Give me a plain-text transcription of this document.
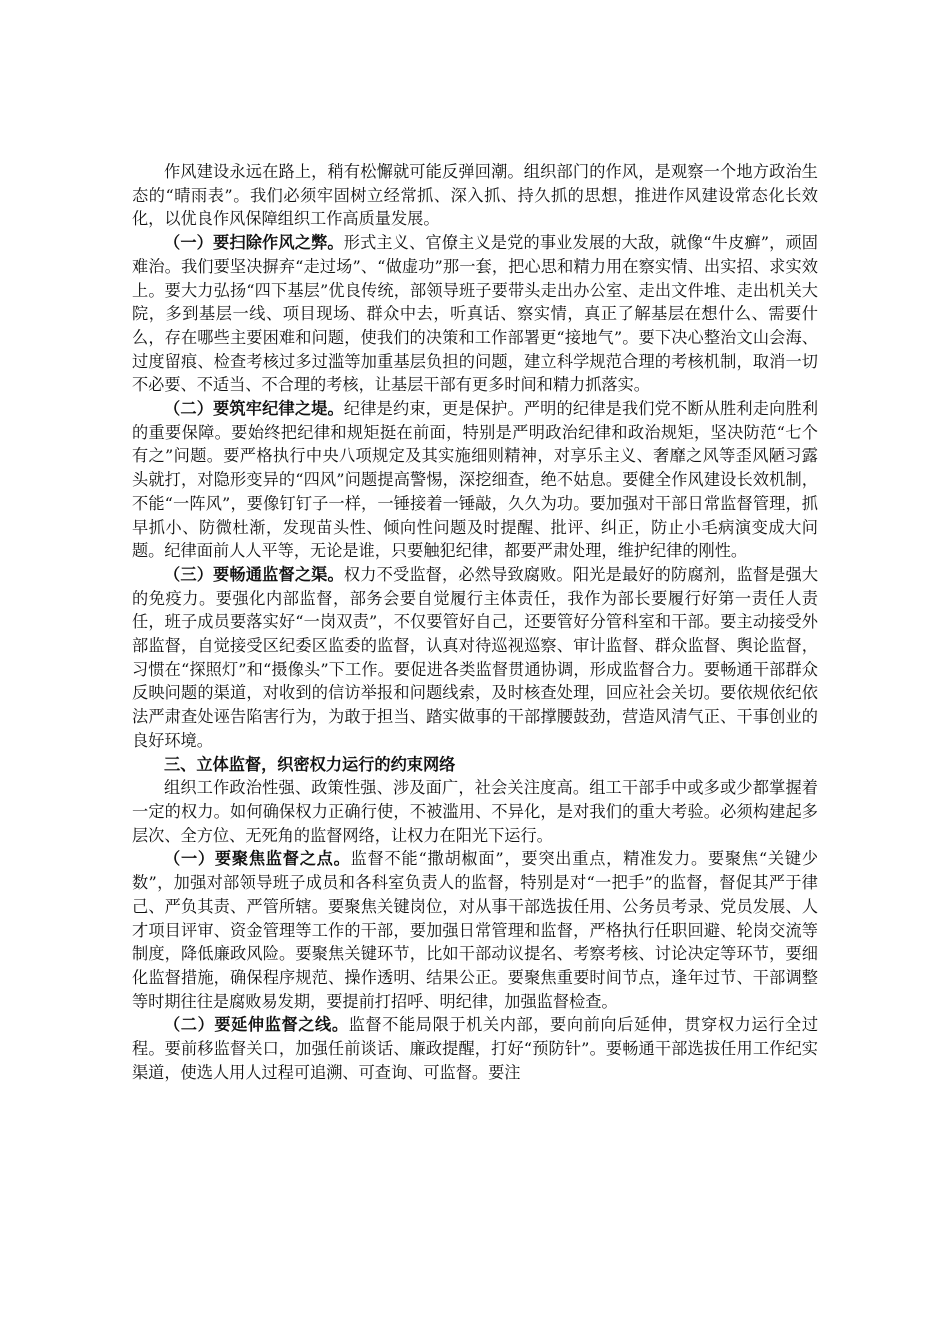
作风建设永远在路上，稍有松懈就可能反弹回潮。组织部门的作风，是观察一个地方政治生态的“晴雨表”。我们必须牢固树立经常抓、深入抓、持久抓的思想，推进作风建设常态化长效化，以优良作风保障组织工作高质量发展。

（一）要扫除作风之弊。形式主义、官僚主义是党的事业发展的大敌，就像“牛皮癣”，顽固难治。我们要坚决摒弃“走过场”、“做虚功”那一套，把心思和精力用在察实情、出实招、求实效上。要大力弘扬“四下基层”优良传统，部领导班子要带头走出办公室、走出文件堆、走出机关大院，多到基层一线、项目现场、群众中去，听真话、察实情，真正了解基层在想什么、需要什么，存在哪些主要困难和问题，使我们的决策和工作部署更“接地气”。要下决心整治文山会海、过度留痕、检查考核过多过滥等加重基层负担的问题，建立科学规范合理的考核机制，取消一切不必要、不适当、不合理的考核，让基层干部有更多时间和精力抓落实。

（二）要筑牢纪律之堤。纪律是约束，更是保护。严明的纪律是我们党不断从胜利走向胜利的重要保障。要始终把纪律和规矩挺在前面，特别是严明政治纪律和政治规矩，坚决防范“七个有之”问题。要严格执行中央八项规定及其实施细则精神，对享乐主义、奢靡之风等歪风陋习露头就打，对隐形变异的“四风”问题提高警惕，深挖细查，绝不姑息。要健全作风建设长效机制，不能“一阵风”，要像钉钉子一样，一锤接着一锤敲，久久为功。要加强对干部日常监督管理，抓早抓小、防微杜渐，发现苗头性、倾向性问题及时提醒、批评、纠正，防止小毛病演变成大问题。纪律面前人人平等，无论是谁，只要触犯纪律，都要严肃处理，维护纪律的刚性。

（三）要畅通监督之渠。权力不受监督，必然导致腐败。阳光是最好的防腐剂，监督是强大的免疫力。要强化内部监督，部务会要自觉履行主体责任，我作为部长要履行好第一责任人责任，班子成员要落实好“一岗双责”，不仅要管好自己，还要管好分管科室和干部。要主动接受外部监督，自觉接受区纪委区监委的监督，认真对待巡视巡察、审计监督、群众监督、舆论监督，习惯在“探照灯”和“摄像头”下工作。要促进各类监督贯通协调，形成监督合力。要畅通干部群众反映问题的渠道，对收到的信访举报和问题线索，及时核查处理，回应社会关切。要依规依纪依法严肃查处诬告陷害行为，为敢于担当、踏实做事的干部撑腰鼓劲，营造风清气正、干事创业的良好环境。

三、立体监督，织密权力运行的约束网络

组织工作政治性强、政策性强、涉及面广，社会关注度高。组工干部手中或多或少都掌握着一定的权力。如何确保权力正确行使，不被滥用、不异化，是对我们的重大考验。必须构建起多层次、全方位、无死角的监督网络，让权力在阳光下运行。

（一）要聚焦监督之点。监督不能“撒胡椒面”，要突出重点，精准发力。要聚焦“关键少数”，加强对部领导班子成员和各科室负责人的监督，特别是对“一把手”的监督，督促其严于律己、严负其责、严管所辖。要聚焦关键岗位，对从事干部选拔任用、公务员考录、党员发展、人才项目评审、资金管理等工作的干部，要加强日常管理和监督，严格执行任职回避、轮岗交流等制度，降低廉政风险。要聚焦关键环节，比如干部动议提名、考察考核、讨论决定等环节，要细化监督措施，确保程序规范、操作透明、结果公正。要聚焦重要时间节点，逢年过节、干部调整等时期往往是腐败易发期，要提前打招呼、明纪律，加强监督检查。

（二）要延伸监督之线。监督不能局限于机关内部，要向前向后延伸，贯穿权力运行全过程。要前移监督关口，加强任前谈话、廉政提醒，打好“预防针”。要畅通干部选拔任用工作纪实渠道，使选人用人过程可追溯、可查询、可监督。要注
